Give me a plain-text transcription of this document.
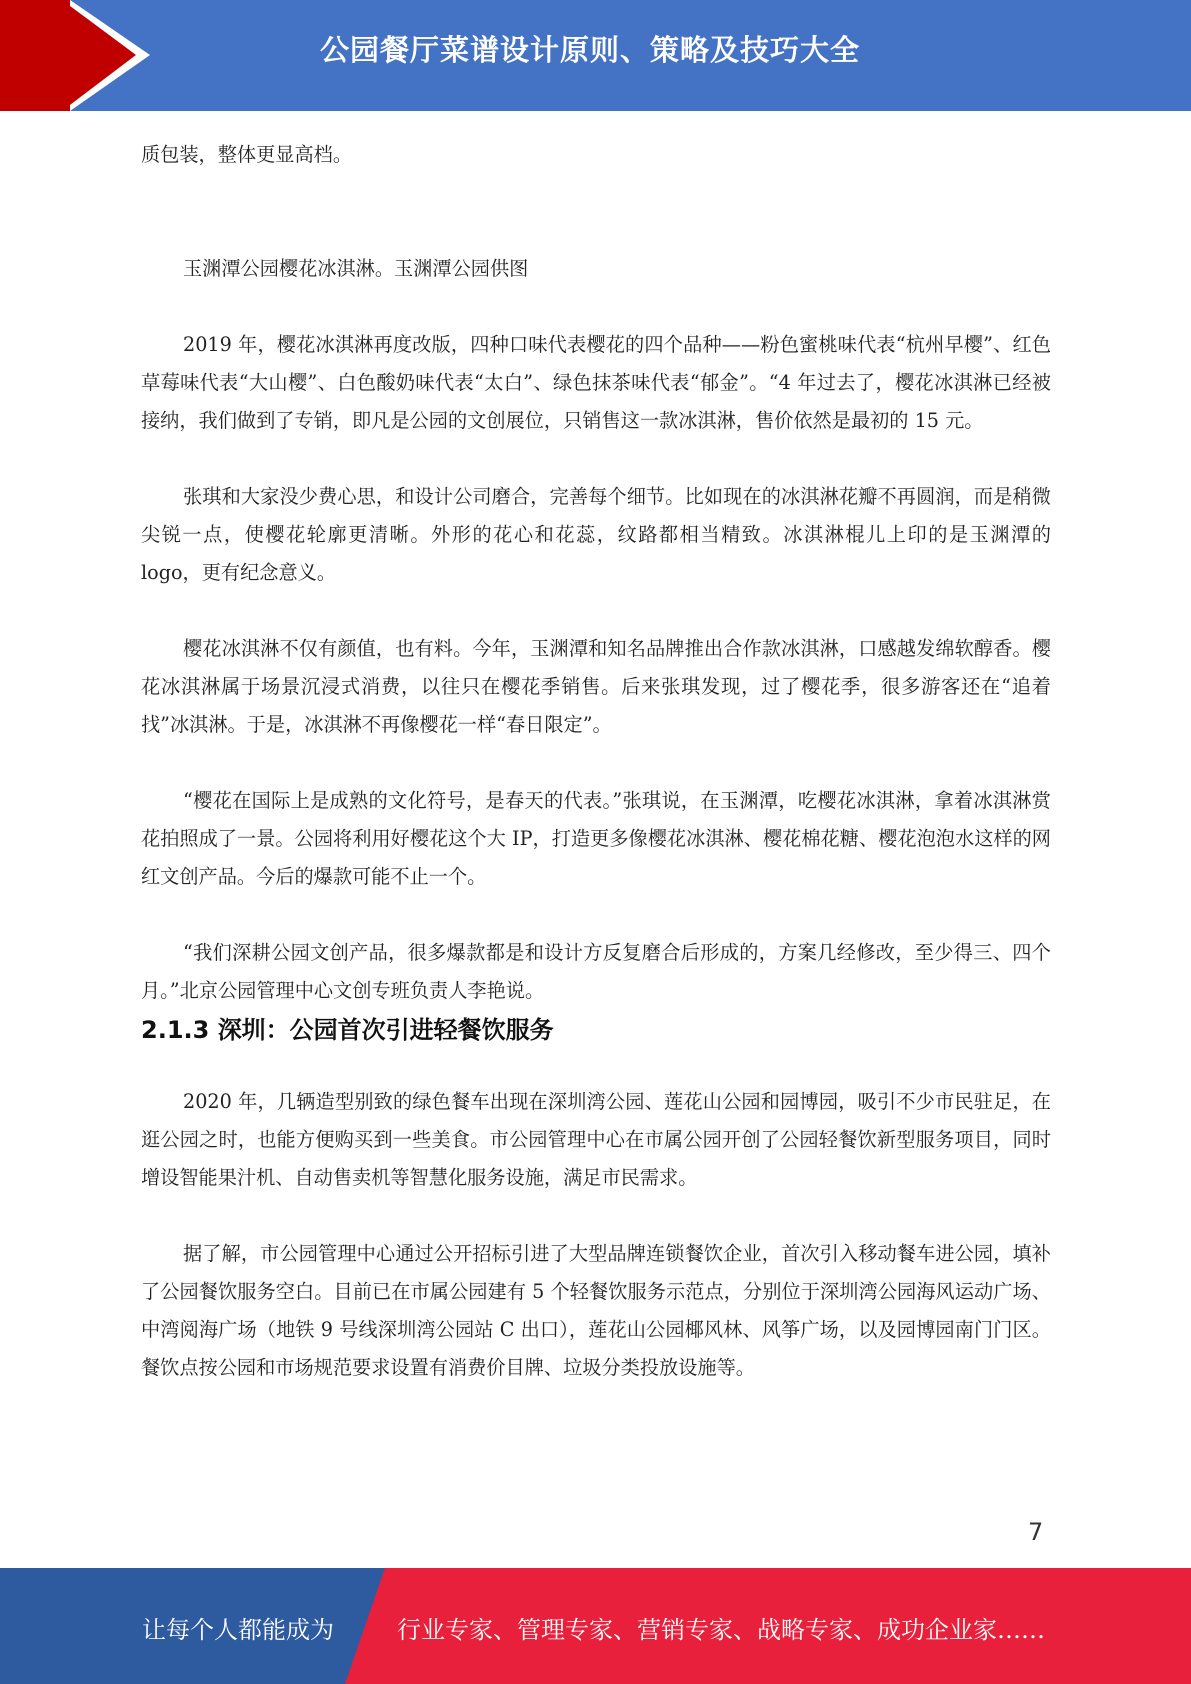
公园餐厅菜谱设计原则、策略及技巧大全

质包装，整体更显高档。

玉渊潭公园樱花冰淇淋。玉渊潭公园供图

2019 年，樱花冰淇淋再度改版，四种口味代表樱花的四个品种——粉色蜜桃味代表“杭州早樱”、红色草莓味代表“大山樱”、白色酸奶味代表“太白”、绿色抹茶味代表“郁金”。“4 年过去了，樱花冰淇淋已经被接纳，我们做到了专销，即凡是公园的文创展位，只销售这一款冰淇淋，售价依然是最初的 15 元。

张琪和大家没少费心思，和设计公司磨合，完善每个细节。比如现在的冰淇淋花瓣不再圆润，而是稍微尖锐一点，使樱花轮廓更清晰。外形的花心和花蕊，纹路都相当精致。冰淇淋棍儿上印的是玉渊潭的 logo，更有纪念意义。

樱花冰淇淋不仅有颜值，也有料。今年，玉渊潭和知名品牌推出合作款冰淇淋，口感越发绵软醇香。樱花冰淇淋属于场景沉浸式消费，以往只在樱花季销售。后来张琪发现，过了樱花季，很多游客还在“追着找”冰淇淋。于是，冰淇淋不再像樱花一样“春日限定”。

“樱花在国际上是成熟的文化符号，是春天的代表。”张琪说，在玉渊潭，吃樱花冰淇淋，拿着冰淇淋赏花拍照成了一景。公园将利用好樱花这个大 IP，打造更多像樱花冰淇淋、樱花棉花糖、樱花泡泡水这样的网红文创产品。今后的爆款可能不止一个。

“我们深耕公园文创产品，很多爆款都是和设计方反复磨合后形成的，方案几经修改，至少得三、四个月。”北京公园管理中心文创专班负责人李艳说。

2.1.3 深圳：公园首次引进轻餐饮服务

2020 年，几辆造型别致的绿色餐车出现在深圳湾公园、莲花山公园和园博园，吸引不少市民驻足，在逛公园之时，也能方便购买到一些美食。市公园管理中心在市属公园开创了公园轻餐饮新型服务项目，同时增设智能果汁机、自动售卖机等智慧化服务设施，满足市民需求。

据了解，市公园管理中心通过公开招标引进了大型品牌连锁餐饮企业，首次引入移动餐车进公园，填补了公园餐饮服务空白。目前已在市属公园建有 5 个轻餐饮服务示范点，分别位于深圳湾公园海风运动广场、中湾阅海广场（地铁 9 号线深圳湾公园站 C 出口），莲花山公园椰风林、风筝广场，以及园博园南门门区。餐饮点按公园和市场规范要求设置有消费价目牌、垃圾分类投放设施等。

7
让每个人都能成为	行业专家、管理专家、营销专家、战略专家、成功企业家……
